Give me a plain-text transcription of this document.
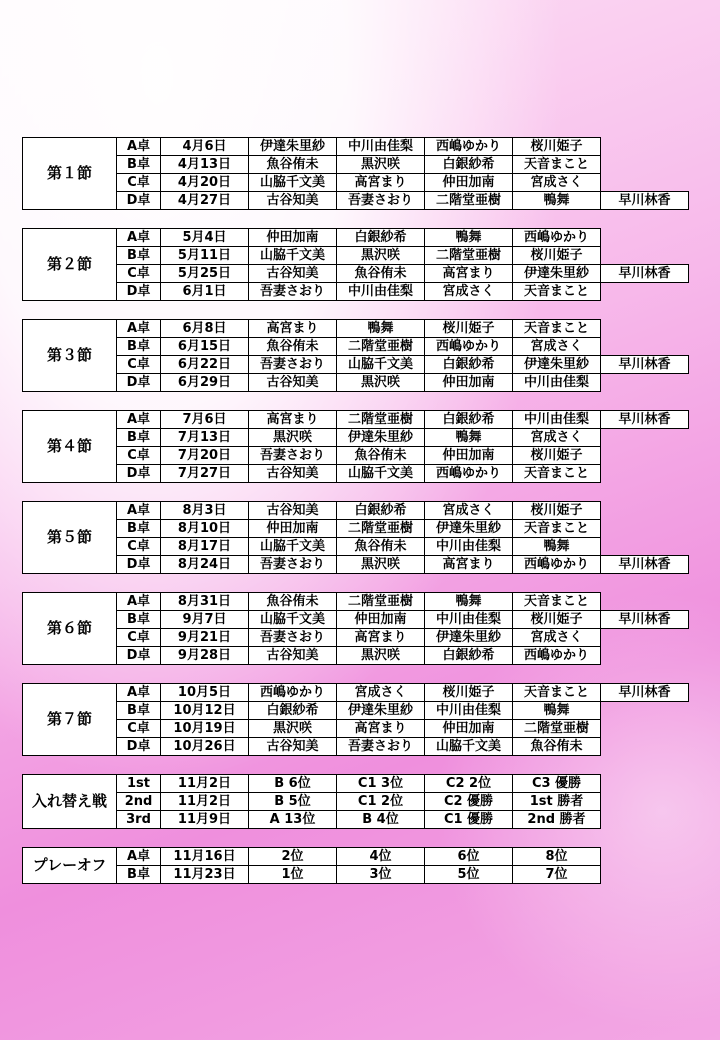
第１節	A卓	4月6日	伊達朱里紗	中川由佳梨	西嶋ゆかり	桜川姫子	
	B卓	4月13日	魚谷侑未	黒沢咲	白銀紗希	天音まこと	
	C卓	4月20日	山脇千文美	高宮まり	仲田加南	宮成さく	
	D卓	4月27日	古谷知美	吾妻さおり	二階堂亜樹	鴨舞	早川林香
第２節	A卓	5月4日	仲田加南	白銀紗希	鴨舞	西嶋ゆかり	
	B卓	5月11日	山脇千文美	黒沢咲	二階堂亜樹	桜川姫子	
	C卓	5月25日	古谷知美	魚谷侑未	高宮まり	伊達朱里紗	早川林香
	D卓	6月1日	吾妻さおり	中川由佳梨	宮成さく	天音まこと	
第３節	A卓	6月8日	高宮まり	鴨舞	桜川姫子	天音まこと	
	B卓	6月15日	魚谷侑未	二階堂亜樹	西嶋ゆかり	宮成さく	
	C卓	6月22日	吾妻さおり	山脇千文美	白銀紗希	伊達朱里紗	早川林香
	D卓	6月29日	古谷知美	黒沢咲	仲田加南	中川由佳梨	
第４節	A卓	7月6日	高宮まり	二階堂亜樹	白銀紗希	中川由佳梨	早川林香
	B卓	7月13日	黒沢咲	伊達朱里紗	鴨舞	宮成さく	
	C卓	7月20日	吾妻さおり	魚谷侑未	仲田加南	桜川姫子	
	D卓	7月27日	古谷知美	山脇千文美	西嶋ゆかり	天音まこと	
第５節	A卓	8月3日	古谷知美	白銀紗希	宮成さく	桜川姫子	
	B卓	8月10日	仲田加南	二階堂亜樹	伊達朱里紗	天音まこと	
	C卓	8月17日	山脇千文美	魚谷侑未	中川由佳梨	鴨舞	
	D卓	8月24日	吾妻さおり	黒沢咲	高宮まり	西嶋ゆかり	早川林香
第６節	A卓	8月31日	魚谷侑未	二階堂亜樹	鴨舞	天音まこと	
	B卓	9月7日	山脇千文美	仲田加南	中川由佳梨	桜川姫子	早川林香
	C卓	9月21日	吾妻さおり	高宮まり	伊達朱里紗	宮成さく	
	D卓	9月28日	古谷知美	黒沢咲	白銀紗希	西嶋ゆかり	
第７節	A卓	10月5日	西嶋ゆかり	宮成さく	桜川姫子	天音まこと	早川林香
	B卓	10月12日	白銀紗希	伊達朱里紗	中川由佳梨	鴨舞	
	C卓	10月19日	黒沢咲	高宮まり	仲田加南	二階堂亜樹	
	D卓	10月26日	古谷知美	吾妻さおり	山脇千文美	魚谷侑未	
入れ替え戦	1st	11月2日	B 6位	C1 3位	C2 2位	C3 優勝	
	2nd	11月2日	B 5位	C1 2位	C2 優勝	1st 勝者	
	3rd	11月9日	A 13位	B 4位	C1 優勝	2nd 勝者	
プレーオフ	A卓	11月16日	2位	4位	6位	8位	
	B卓	11月23日	1位	3位	5位	7位	
